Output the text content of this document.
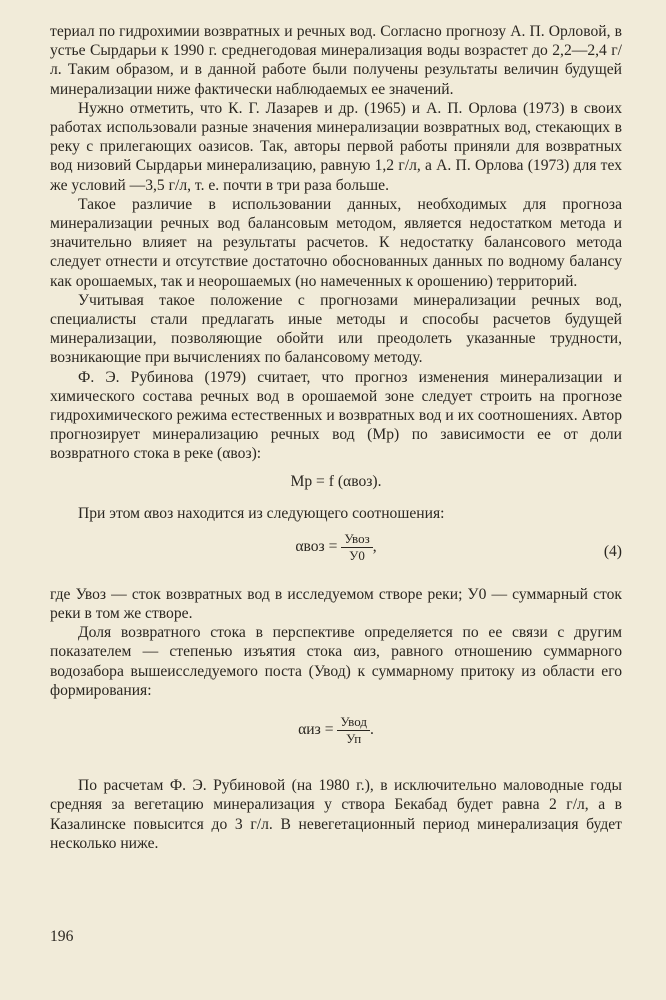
териал по гидрохимии возвратных и речных вод. Согласно прогнозу А. П. Орловой, в устье Сырдарьи к 1990 г. среднегодовая минерализация воды возрастет до 2,2—2,4 г/л. Таким образом, и в данной работе были получены результаты величин будущей минерализации ниже фактически наблюдаемых ее значений.

Нужно отметить, что К. Г. Лазарев и др. (1965) и А. П. Орлова (1973) в своих работах использовали разные значения минерализации возвратных вод, стекающих в реку с прилегающих оазисов. Так, авторы первой работы приняли для возвратных вод низовий Сырдарьи минерализацию, равную 1,2 г/л, а А. П. Орлова (1973) для тех же условий —3,5 г/л, т. е. почти в три раза больше.

Такое различие в использовании данных, необходимых для прогноза минерализации речных вод балансовым методом, является недостатком метода и значительно влияет на результаты расчетов. К недостатку балансового метода следует отнести и отсутствие достаточно обоснованных данных по водному балансу как орошаемых, так и неорошаемых (но намеченных к орошению) территорий.

Учитывая такое положение с прогнозами минерализации речных вод, специалисты стали предлагать иные методы и способы расчетов будущей минерализации, позволяющие обойти или преодолеть указанные трудности, возникающие при вычислениях по балансовому методу.

Ф. Э. Рубинова (1979) считает, что прогноз изменения минерализации и химического состава речных вод в орошаемой зоне следует строить на прогнозе гидрохимического режима естественных и возвратных вод и их соотношениях. Автор прогнозирует минерализацию речных вод (Мр) по зависимости ее от доли возвратного стока в реке (αвоз):

Мр = f (αвоз).

При этом αвоз находится из следующего соотношения:

$\alpha воз = \frac{\text{Увоз}}{У0}$ ,	(4)

где Увоз — сток возвратных вод в исследуемом створе реки; У0 — суммарный сток реки в том же створе.

Доля возвратного стока в перспективе определяется по ее связи с другим показателем — степенью изъятия стока αиз, равного отношению суммарного водозабора вышеисследуемого поста (Увод) к суммарному притоку из области его формирования:

$\alpha из = \frac{\text{Увод}}{Уп}$ .

По расчетам Ф. Э. Рубиновой (на 1980 г.), в исключительно маловодные годы средняя за вегетацию минерализация у створа Бекабад будет равна 2 г/л, а в Казалинске повысится до 3 г/л. В невегетационный период минерализация будет несколько ниже.

196
